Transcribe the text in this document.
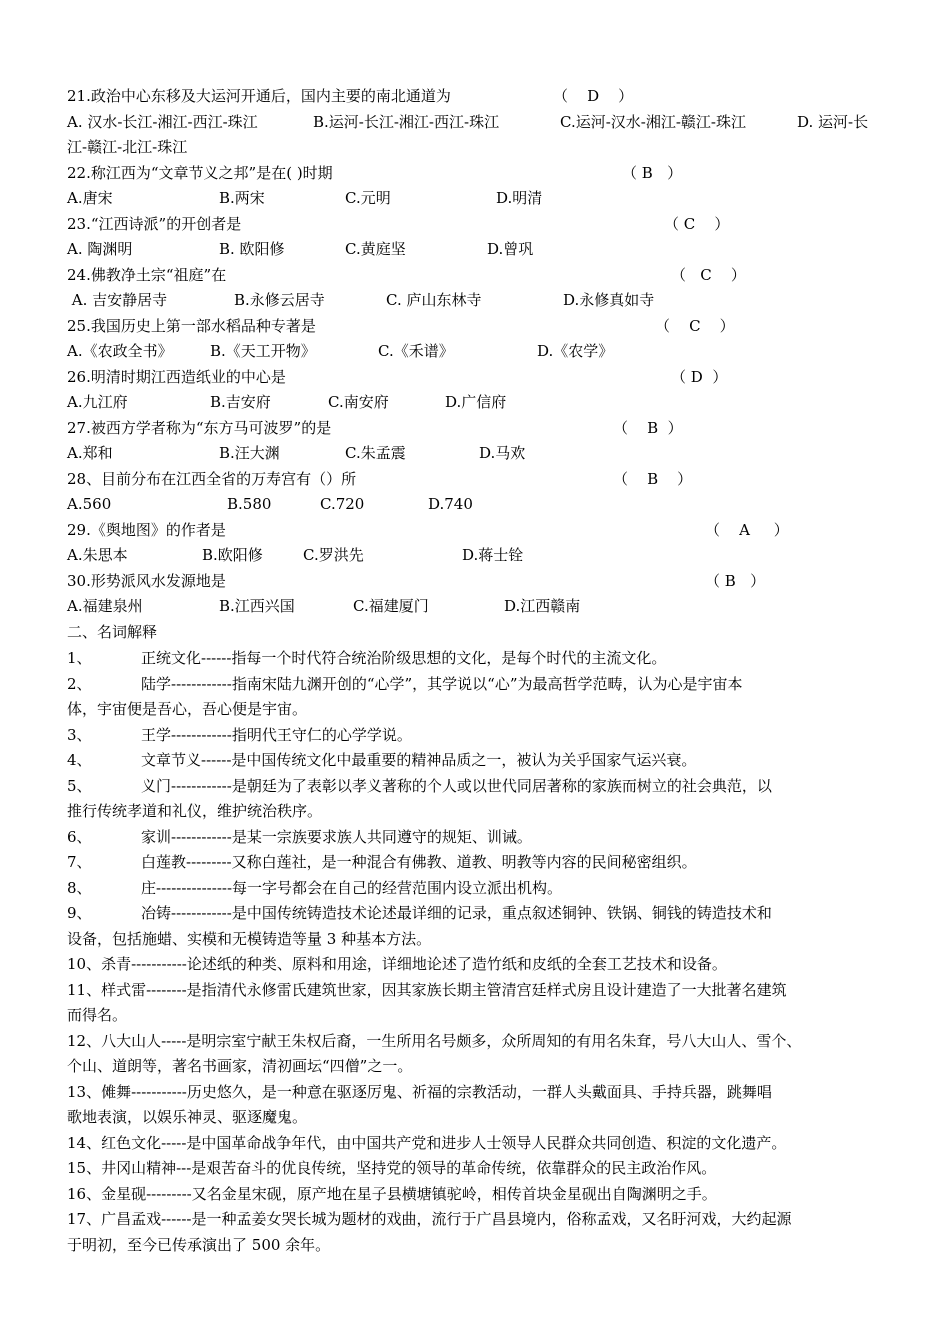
21.政治中心东移及大运河开通后，国内主要的南北通道为	（    D    ）
A. 汉水-长江-湘江-西江-珠江	B.运河-长江-湘江-西江-珠江	C.运河-汉水-湘江-赣江-珠江	D. 运河-长
江-赣江-北江-珠江
22.称江西为“文章节义之邦”是在( )时期	（ B   ）
A.唐宋	B.两宋	C.元明	D.明清
23.“江西诗派”的开创者是	（ C    ）
A. 陶渊明	B. 欧阳修	C.黄庭坚	D.曾巩
24.佛教净土宗“祖庭”在	（   C    ）
A. 吉安静居寺	B.永修云居寺	C. 庐山东林寺	D.永修真如寺
25.我国历史上第一部水稻品种专著是	（    C    ）
A.《农政全书》 B.《天工开物》	C.《禾谱》	D.《农学》
26.明清时期江西造纸业的中心是	（ D  ）
A.九江府	B.吉安府	C.南安府	D.广信府
27.被西方学者称为“东方马可波罗”的是	（    B  ）
A.郑和	B.汪大渊	C.朱孟震	D.马欢
28、目前分布在江西全省的万寿宫有（）所	（    B    ）
A.560	B.580	C.720	D.740
29.《舆地图》的作者是	（    A     ）
A.朱思本	B.欧阳修	C.罗洪先	D.蒋士铨
30.形势派风水发源地是	（ B   ）
A.福建泉州	B.江西兴国	C.福建厦门	D.江西赣南
二、名词解释
1、	正统文化------指每一个时代符合统治阶级思想的文化，是每个时代的主流文化。
2、	陆学------------指南宋陆九渊开创的“心学”，其学说以“心”为最高哲学范畴，认为心是宇宙本
体，宇宙便是吾心，吾心便是宇宙。
3、	王学------------指明代王守仁的心学学说。
4、	文章节义------是中国传统文化中最重要的精神品质之一，被认为关乎国家气运兴衰。
5、	义门------------是朝廷为了表彰以孝义著称的个人或以世代同居著称的家族而树立的社会典范，以
推行传统孝道和礼仪，维护统治秩序。
6、	家训------------是某一宗族要求族人共同遵守的规矩、训诫。
7、	白莲教---------又称白莲社，是一种混合有佛教、道教、明教等内容的民间秘密组织。
8、	庄---------------每一字号都会在自己的经营范围内设立派出机构。
9、	冶铸------------是中国传统铸造技术论述最详细的记录，重点叙述铜钟、铁锅、铜钱的铸造技术和
设备，包括施蜡、实模和无模铸造等量 3 种基本方法。
10、杀青-----------论述纸的种类、原料和用途，详细地论述了造竹纸和皮纸的全套工艺技术和设备。
11、样式雷--------是指清代永修雷氏建筑世家，因其家族长期主管清宫廷样式房且设计建造了一大批著名建筑
而得名。
12、八大山人-----是明宗室宁献王朱权后裔，一生所用名号颇多，众所周知的有用名朱耷，号八大山人、雪个、
个山、道朗等，著名书画家，清初画坛“四僧”之一。
13、傩舞-----------历史悠久，是一种意在驱逐厉鬼、祈福的宗教活动，一群人头戴面具、手持兵器，跳舞唱
歌地表演，以娱乐神灵、驱逐魔鬼。
14、红色文化-----是中国革命战争年代，由中国共产党和进步人士领导人民群众共同创造、积淀的文化遗产。
15、井冈山精神---是艰苦奋斗的优良传统，坚持党的领导的革命传统，依靠群众的民主政治作风。
16、金星砚---------又名金星宋砚，原产地在星子县横塘镇驼岭，相传首块金星砚出自陶渊明之手。
17、广昌孟戏------是一种孟姜女哭长城为题材的戏曲，流行于广昌县境内，俗称孟戏，又名盱河戏，大约起源
于明初，至今已传承演出了 500 余年。
